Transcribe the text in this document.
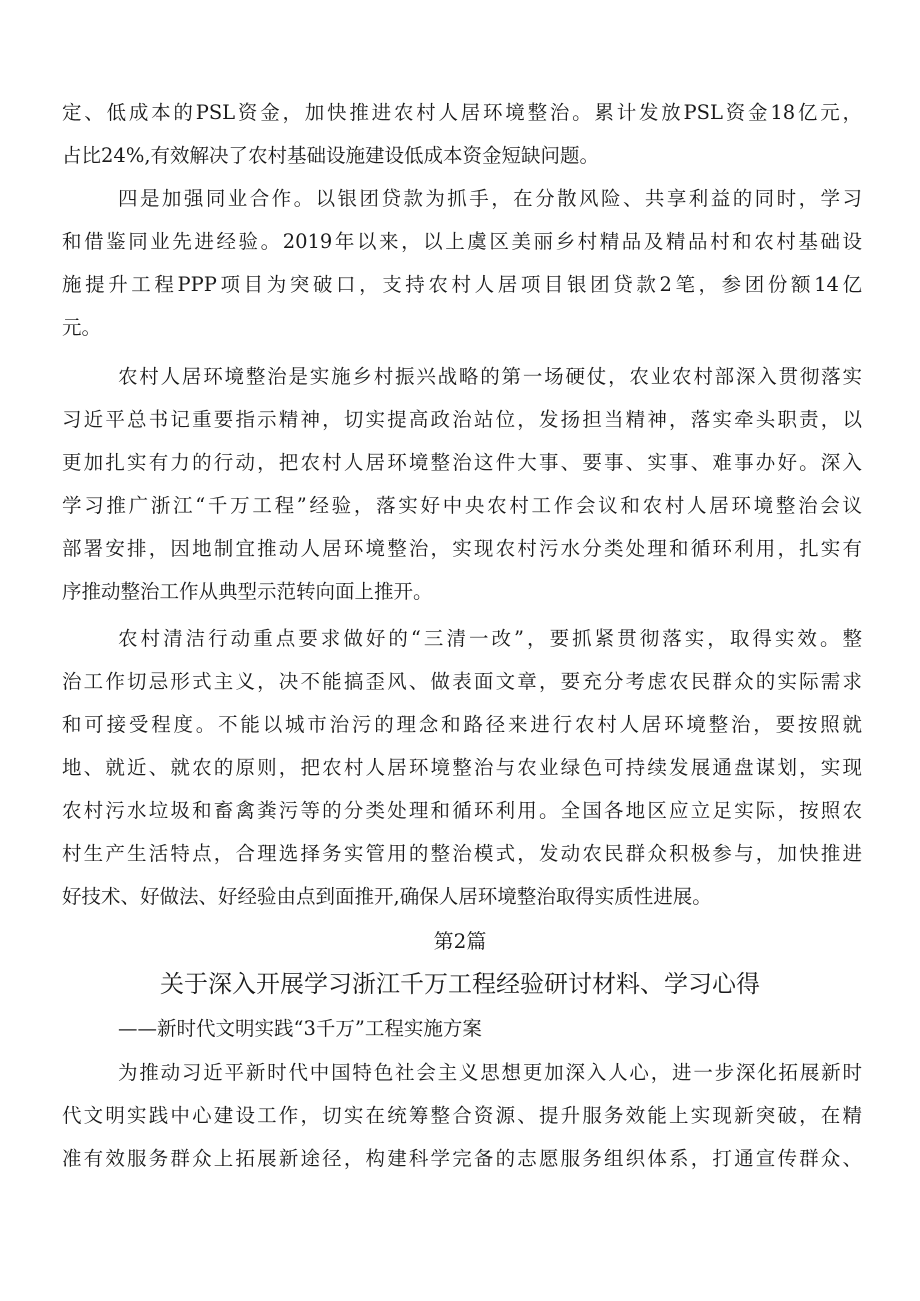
定、低成本的PSL资金，加快推进农村人居环境整治。累计发放PSL资金18亿元，
占比24%,有效解决了农村基础设施建设低成本资金短缺问题。
四是加强同业合作。以银团贷款为抓手，在分散风险、共享利益的同时，学习
和借鉴同业先进经验。2019年以来，以上虞区美丽乡村精品及精品村和农村基础设
施提升工程PPP项目为突破口，支持农村人居项目银团贷款2笔，参团份额14亿
元。
农村人居环境整治是实施乡村振兴战略的第一场硬仗，农业农村部深入贯彻落实
习近平总书记重要指示精神，切实提高政治站位，发扬担当精神，落实牵头职责，以
更加扎实有力的行动，把农村人居环境整治这件大事、要事、实事、难事办好。深入
学习推广浙江“千万工程”经验，落实好中央农村工作会议和农村人居环境整治会议
部署安排，因地制宜推动人居环境整治，实现农村污水分类处理和循环利用，扎实有
序推动整治工作从典型示范转向面上推开。
农村清洁行动重点要求做好的“三清一改”，要抓紧贯彻落实，取得实效。整
治工作切忌形式主义，决不能搞歪风、做表面文章，要充分考虑农民群众的实际需求
和可接受程度。不能以城市治污的理念和路径来进行农村人居环境整治，要按照就
地、就近、就农的原则，把农村人居环境整治与农业绿色可持续发展通盘谋划，实现
农村污水垃圾和畜禽粪污等的分类处理和循环利用。全国各地区应立足实际，按照农
村生产生活特点，合理选择务实管用的整治模式，发动农民群众积极参与，加快推进
好技术、好做法、好经验由点到面推开,确保人居环境整治取得实质性进展。
第2篇
关于深入开展学习浙江千万工程经验研讨材料、学习心得
——新时代文明实践“3千万”工程实施方案
为推动习近平新时代中国特色社会主义思想更加深入人心，进一步深化拓展新时
代文明实践中心建设工作，切实在统筹整合资源、提升服务效能上实现新突破，在精
准有效服务群众上拓展新途径，构建科学完备的志愿服务组织体系，打通宣传群众、
